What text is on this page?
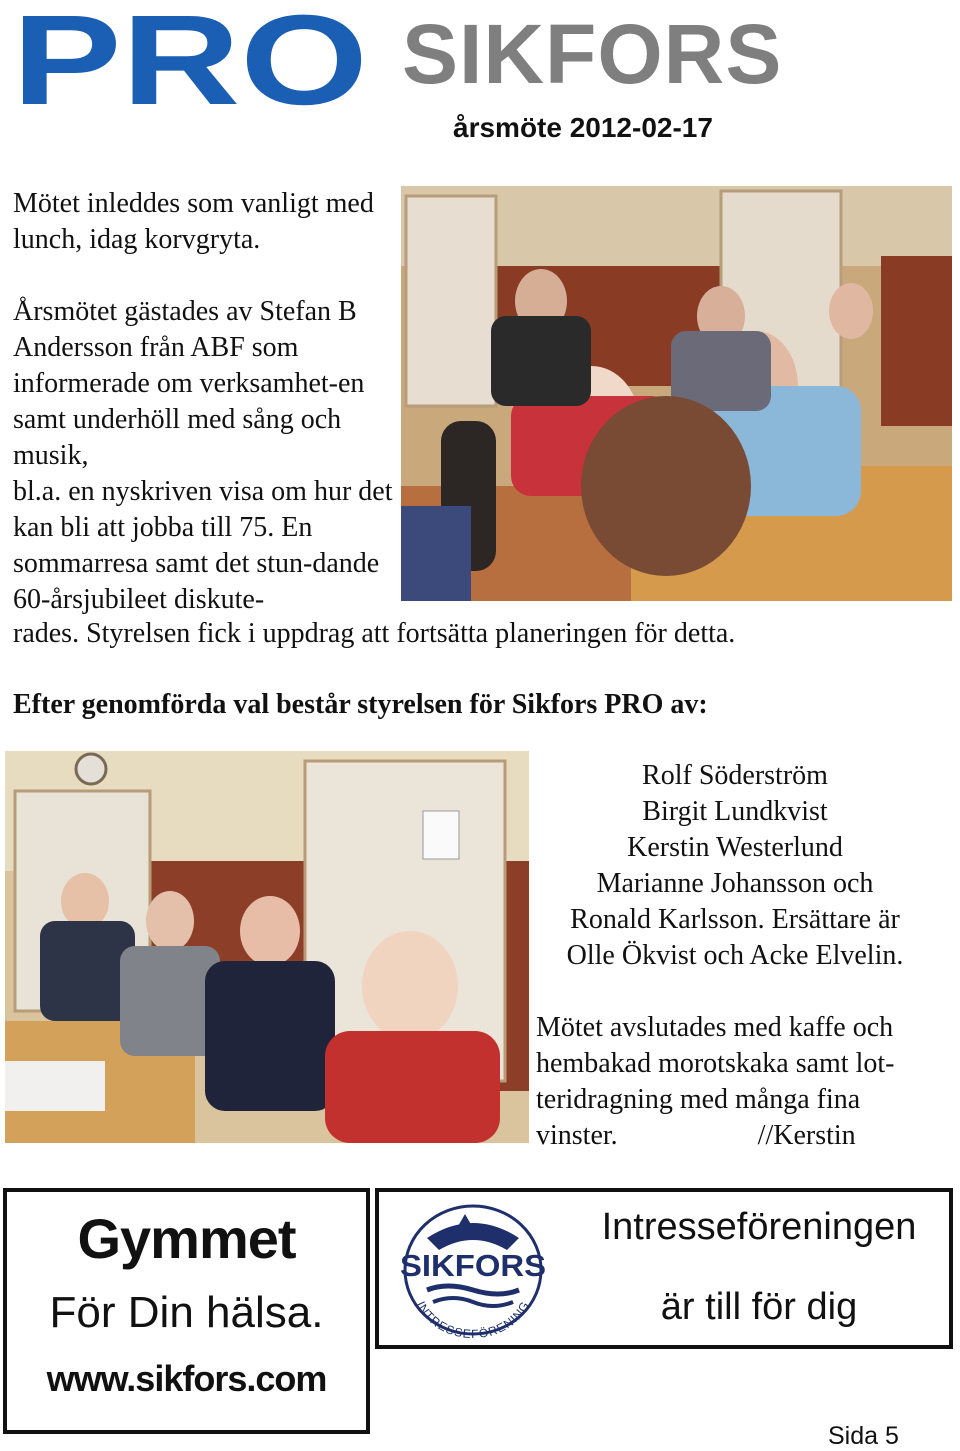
PRO SIKFORS
årsmöte 2012-02-17

Mötet inleddes som vanligt med lunch, idag korvgryta.

Årsmötet gästades av Stefan B Andersson från ABF som informerade om verksamhet-en samt underhöll med sång och musik,

bl.a. en nyskriven visa om hur det kan bli att jobba till 75. En sommarresa samt det stun-dande 60-årsjubileet diskute-

rades. Styrelsen fick i uppdrag att fortsätta planeringen för detta.
Efter genomförda val består styrelsen för Sikfors PRO av:
Rolf Söderström
Birgit Lundkvist
Kerstin Westerlund
Marianne Johansson och
Ronald Karlsson. Ersättare är
Olle Ökvist och Acke Elvelin.
Mötet avslutades med kaffe och hembakad morotskaka samt lot-teridragning med många fina vinster.	//Kerstin
Gymmet
För Din hälsa.
www.sikfors.com
SIKFORS
INTRESSEFÖRENING
Intresseföreningen
är till för dig
Sida 5
